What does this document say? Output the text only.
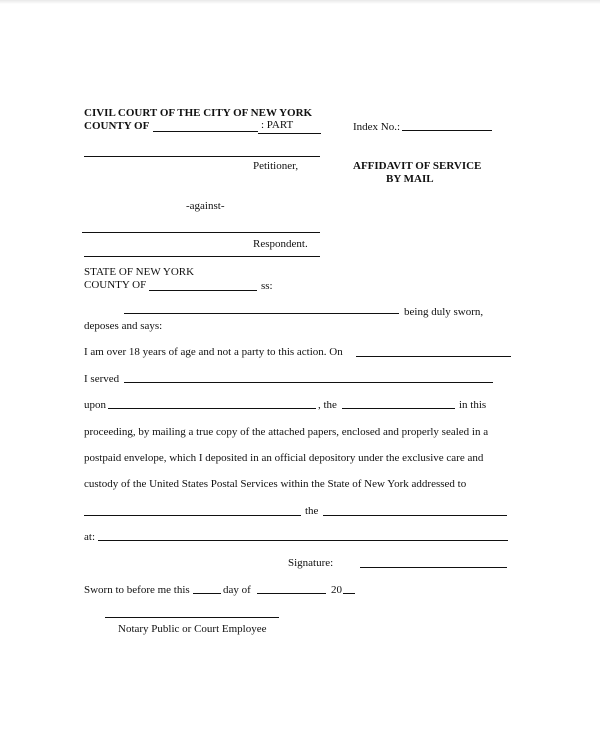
CIVIL COURT OF THE CITY OF NEW YORK
COUNTY OF	: PART	Index No.:
Petitioner,	AFFIDAVIT OF SERVICE
BY MAIL
-against-
Respondent.
STATE OF NEW YORK
COUNTY OF	ss:
being duly sworn,
deposes and says:
I am over 18 years of age and not a party to this action. On
I served
upon	, the	in this
proceeding, by mailing a true copy of the attached papers, enclosed and properly sealed in a
postpaid envelope, which I deposited in an official depository under the exclusive care and
custody of the United States Postal Services within the State of New York addressed to
the
at:
Signature:
Sworn to before me this	day of	20
Notary Public or Court Employee
